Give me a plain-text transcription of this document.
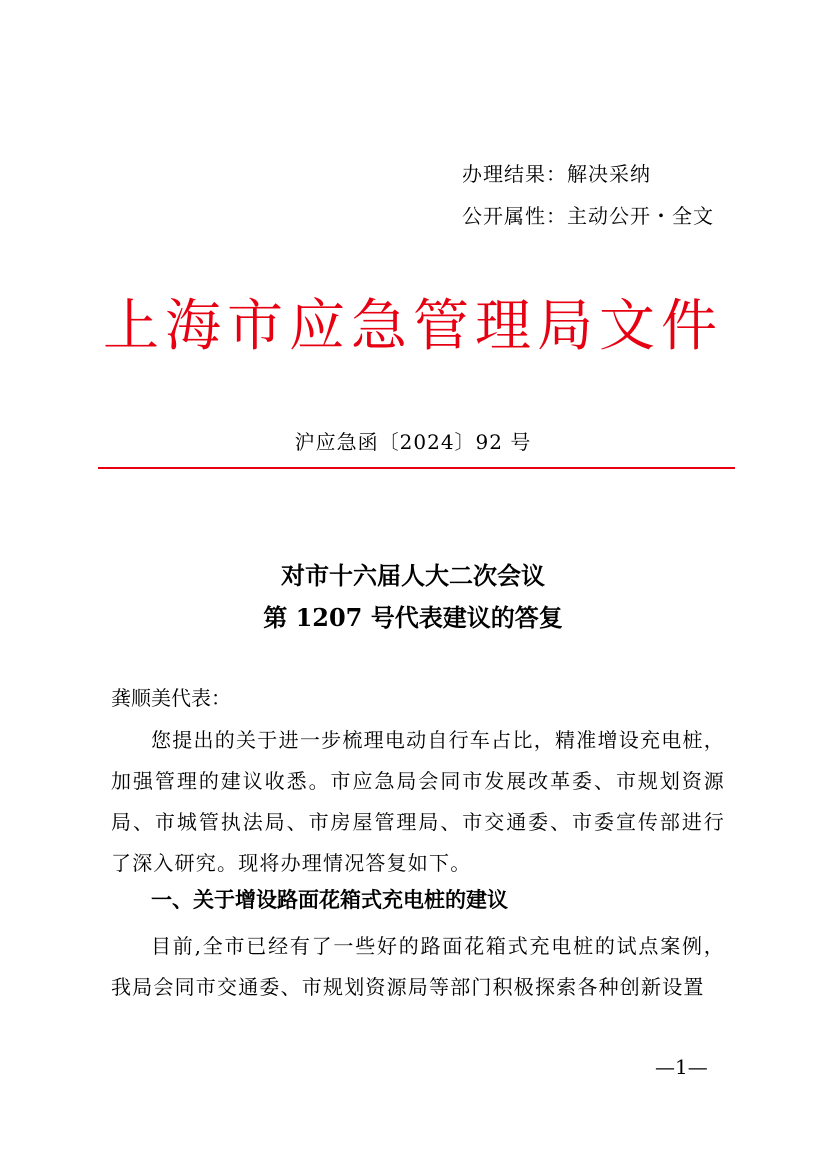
办理结果：解决采纳
公开属性：主动公开・全文
上海市应急管理局文件
沪应急函〔2024〕92 号
对市十六届人大二次会议
第 1207 号代表建议的答复
龚顺美代表：
您提出的关于进一步梳理电动自行车占比，精准增设充电桩，加强管理的建议收悉。市应急局会同市发展改革委、市规划资源局、市城管执法局、市房屋管理局、市交通委、市委宣传部进行了深入研究。现将办理情况答复如下。
一、关于增设路面花箱式充电桩的建议
目前,全市已经有了一些好的路面花箱式充电桩的试点案例，我局会同市交通委、市规划资源局等部门积极探索各种创新设置
—1—
